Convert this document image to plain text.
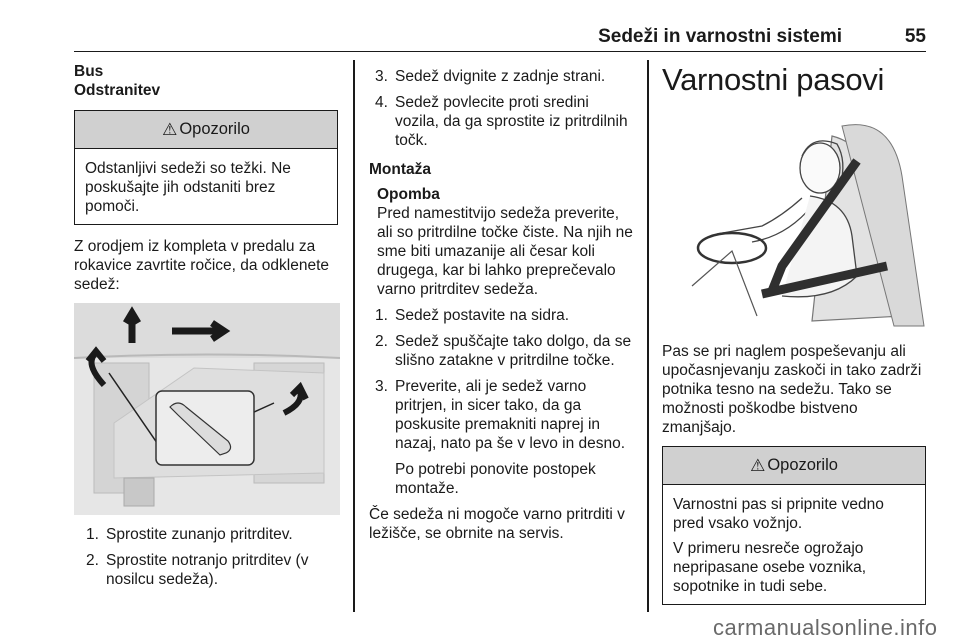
Sedeži in varnostni sistemi	55
Bus
Odstranitev
⚠ Opozorilo

Odstanljivi sedeži so težki. Ne poskušajte jih odstaniti brez pomoči.

Z orodjem iz kompleta v predalu za rokavice zavrtite ročice, da odklenete sedež:

1. Sprostite zunanjo pritrditev.
2. Sprostite notranjo pritrditev (v nosilcu sedeža).
3. Sedež dvignite z zadnje strani.
4. Sedež povlecite proti sredini vozila, da ga sprostite iz pritrdilnih točk.
Montaža
Opomba

Pred namestitvijo sedeža preverite, ali so pritrdilne točke čiste. Na njih ne sme biti umazanije ali česar koli drugega, kar bi lahko preprečevalo varno pritrditev sedeža.

1. Sedež postavite na sidra.
2. Sedež spuščajte tako dolgo, da se slišno zatakne v pritrdilne točke.
3. Preverite, ali je sedež varno pritrjen, in sicer tako, da ga poskusite premakniti naprej in nazaj, nato pa še v levo in desno.

Po potrebi ponovite postopek montaže.

Če sedeža ni mogoče varno pritrditi v ležišče, se obrnite na servis.

Varnostni pasovi

Pas se pri naglem pospeševanju ali upočasnjevanju zaskoči in tako zadrži potnika tesno na sedežu. Tako se možnosti poškodbe bistveno zmanjšajo.

⚠ Opozorilo

Varnostni pas si pripnite vedno pred vsako vožnjo.

V primeru nesreče ogrožajo nepripasane osebe voznika, sopotnike in tudi sebe.

carmanualsonline.info
